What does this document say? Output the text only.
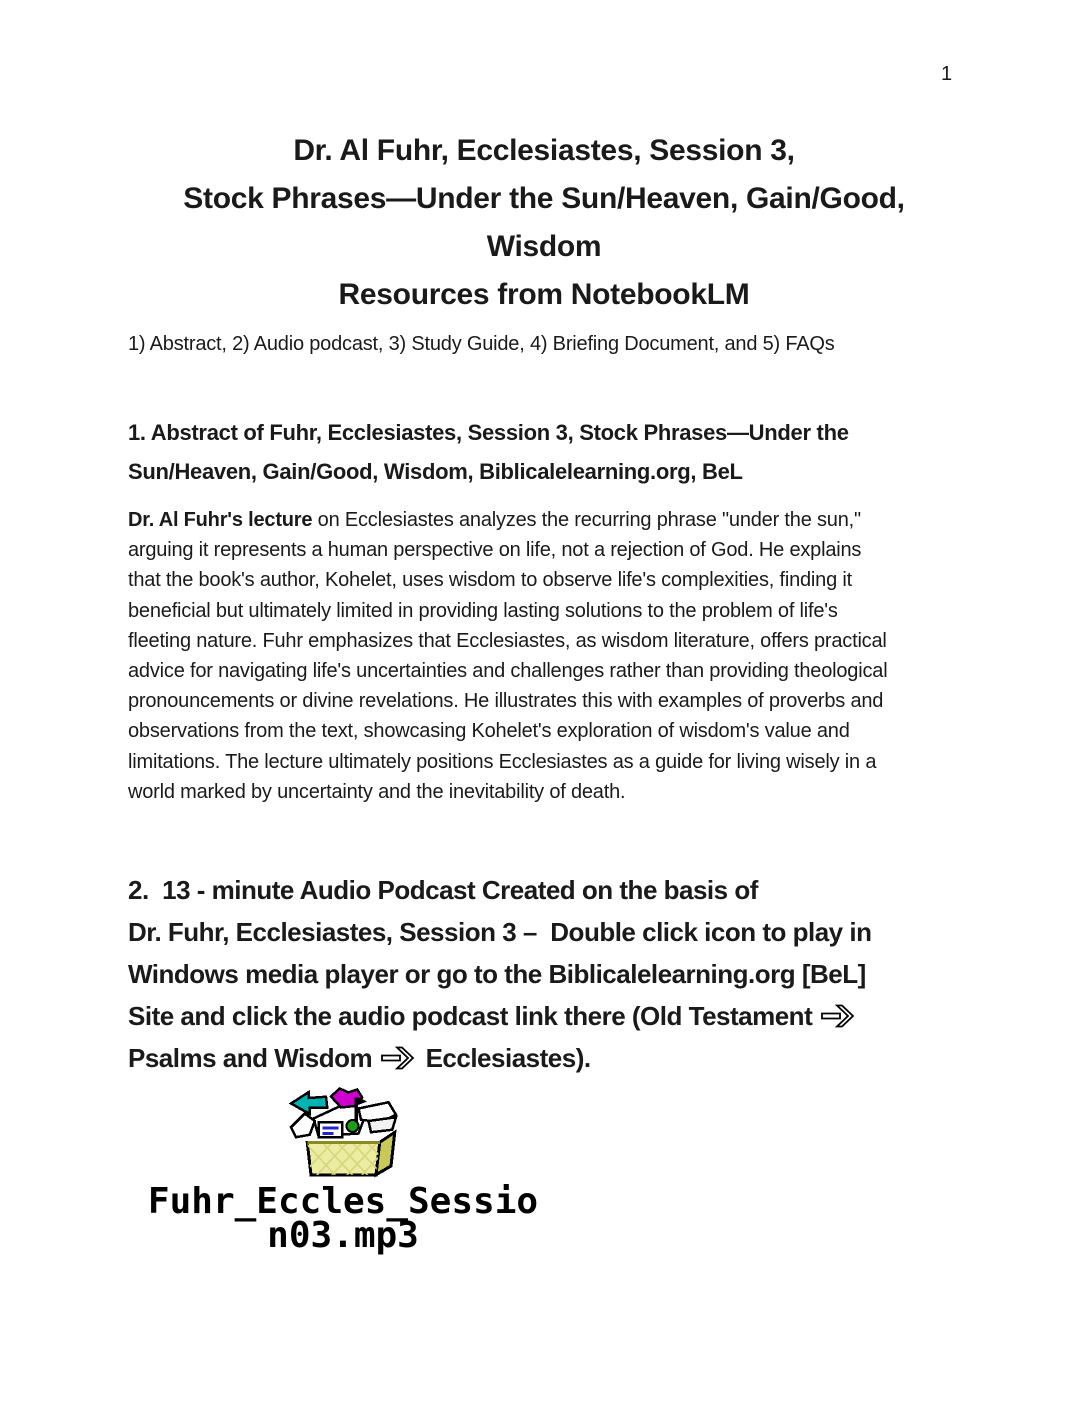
1
Dr. Al Fuhr, Ecclesiastes, Session 3,
Stock Phrases—Under the Sun/Heaven, Gain/Good,
Wisdom
Resources from NotebookLM
1) Abstract, 2) Audio podcast, 3) Study Guide, 4) Briefing Document, and 5) FAQs
1. Abstract of Fuhr, Ecclesiastes, Session 3, Stock Phrases—Under the
Sun/Heaven, Gain/Good, Wisdom, Biblicalelearning.org, BeL
Dr. Al Fuhr's lecture on Ecclesiastes analyzes the recurring phrase "under the sun,"
arguing it represents a human perspective on life, not a rejection of God. He explains
that the book's author, Kohelet, uses wisdom to observe life's complexities, finding it
beneficial but ultimately limited in providing lasting solutions to the problem of life's
fleeting nature. Fuhr emphasizes that Ecclesiastes, as wisdom literature, offers practical
advice for navigating life's uncertainties and challenges rather than providing theological
pronouncements or divine revelations. He illustrates this with examples of proverbs and
observations from the text, showcasing Kohelet's exploration of wisdom's value and
limitations. The lecture ultimately positions Ecclesiastes as a guide for living wisely in a
world marked by uncertainty and the inevitability of death.
2.  13 - minute Audio Podcast Created on the basis of
Dr. Fuhr, Ecclesiastes, Session 3 –  Double click icon to play in
Windows media player or go to the Biblicalelearning.org [BeL]
Site and click the audio podcast link there (Old Testament
Psalms and Wisdom  Ecclesiastes).
Fuhr_Eccles_Sessio
n03.mp3
